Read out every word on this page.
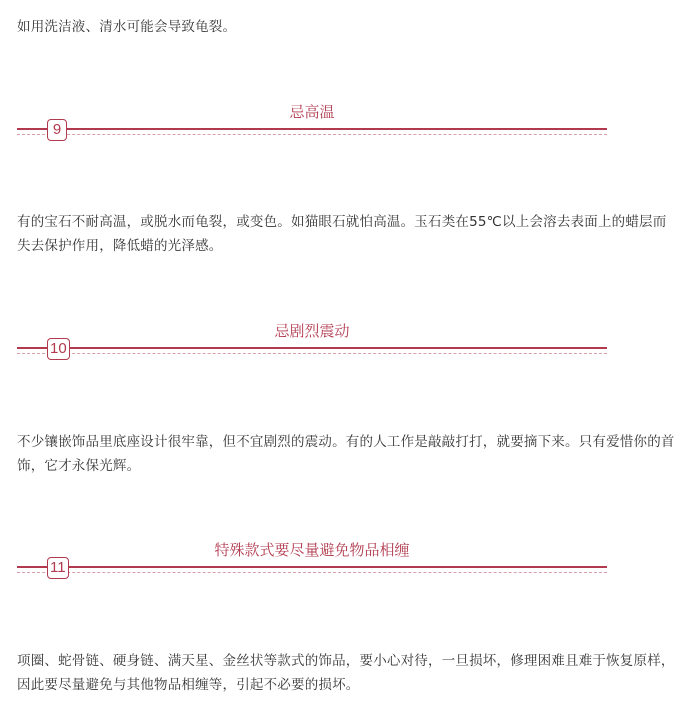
如用洗洁液、清水可能会导致龟裂。

忌高温
9

有的宝石不耐高温，或脱水而龟裂，或变色。如猫眼石就怕高温。玉石类在55℃以上会溶去表面上的蜡层而失去保护作用，降低蜡的光泽感。

忌剧烈震动
10

不少镶嵌饰品里底座设计很牢靠，但不宜剧烈的震动。有的人工作是敲敲打打，就要摘下来。只有爱惜你的首饰，它才永保光辉。

特殊款式要尽量避免物品相缠
11

项圈、蛇骨链、硬身链、满天星、金丝状等款式的饰品，要小心对待，一旦损坏，修理困难且难于恢复原样，因此要尽量避免与其他物品相缠等，引起不必要的损坏。
